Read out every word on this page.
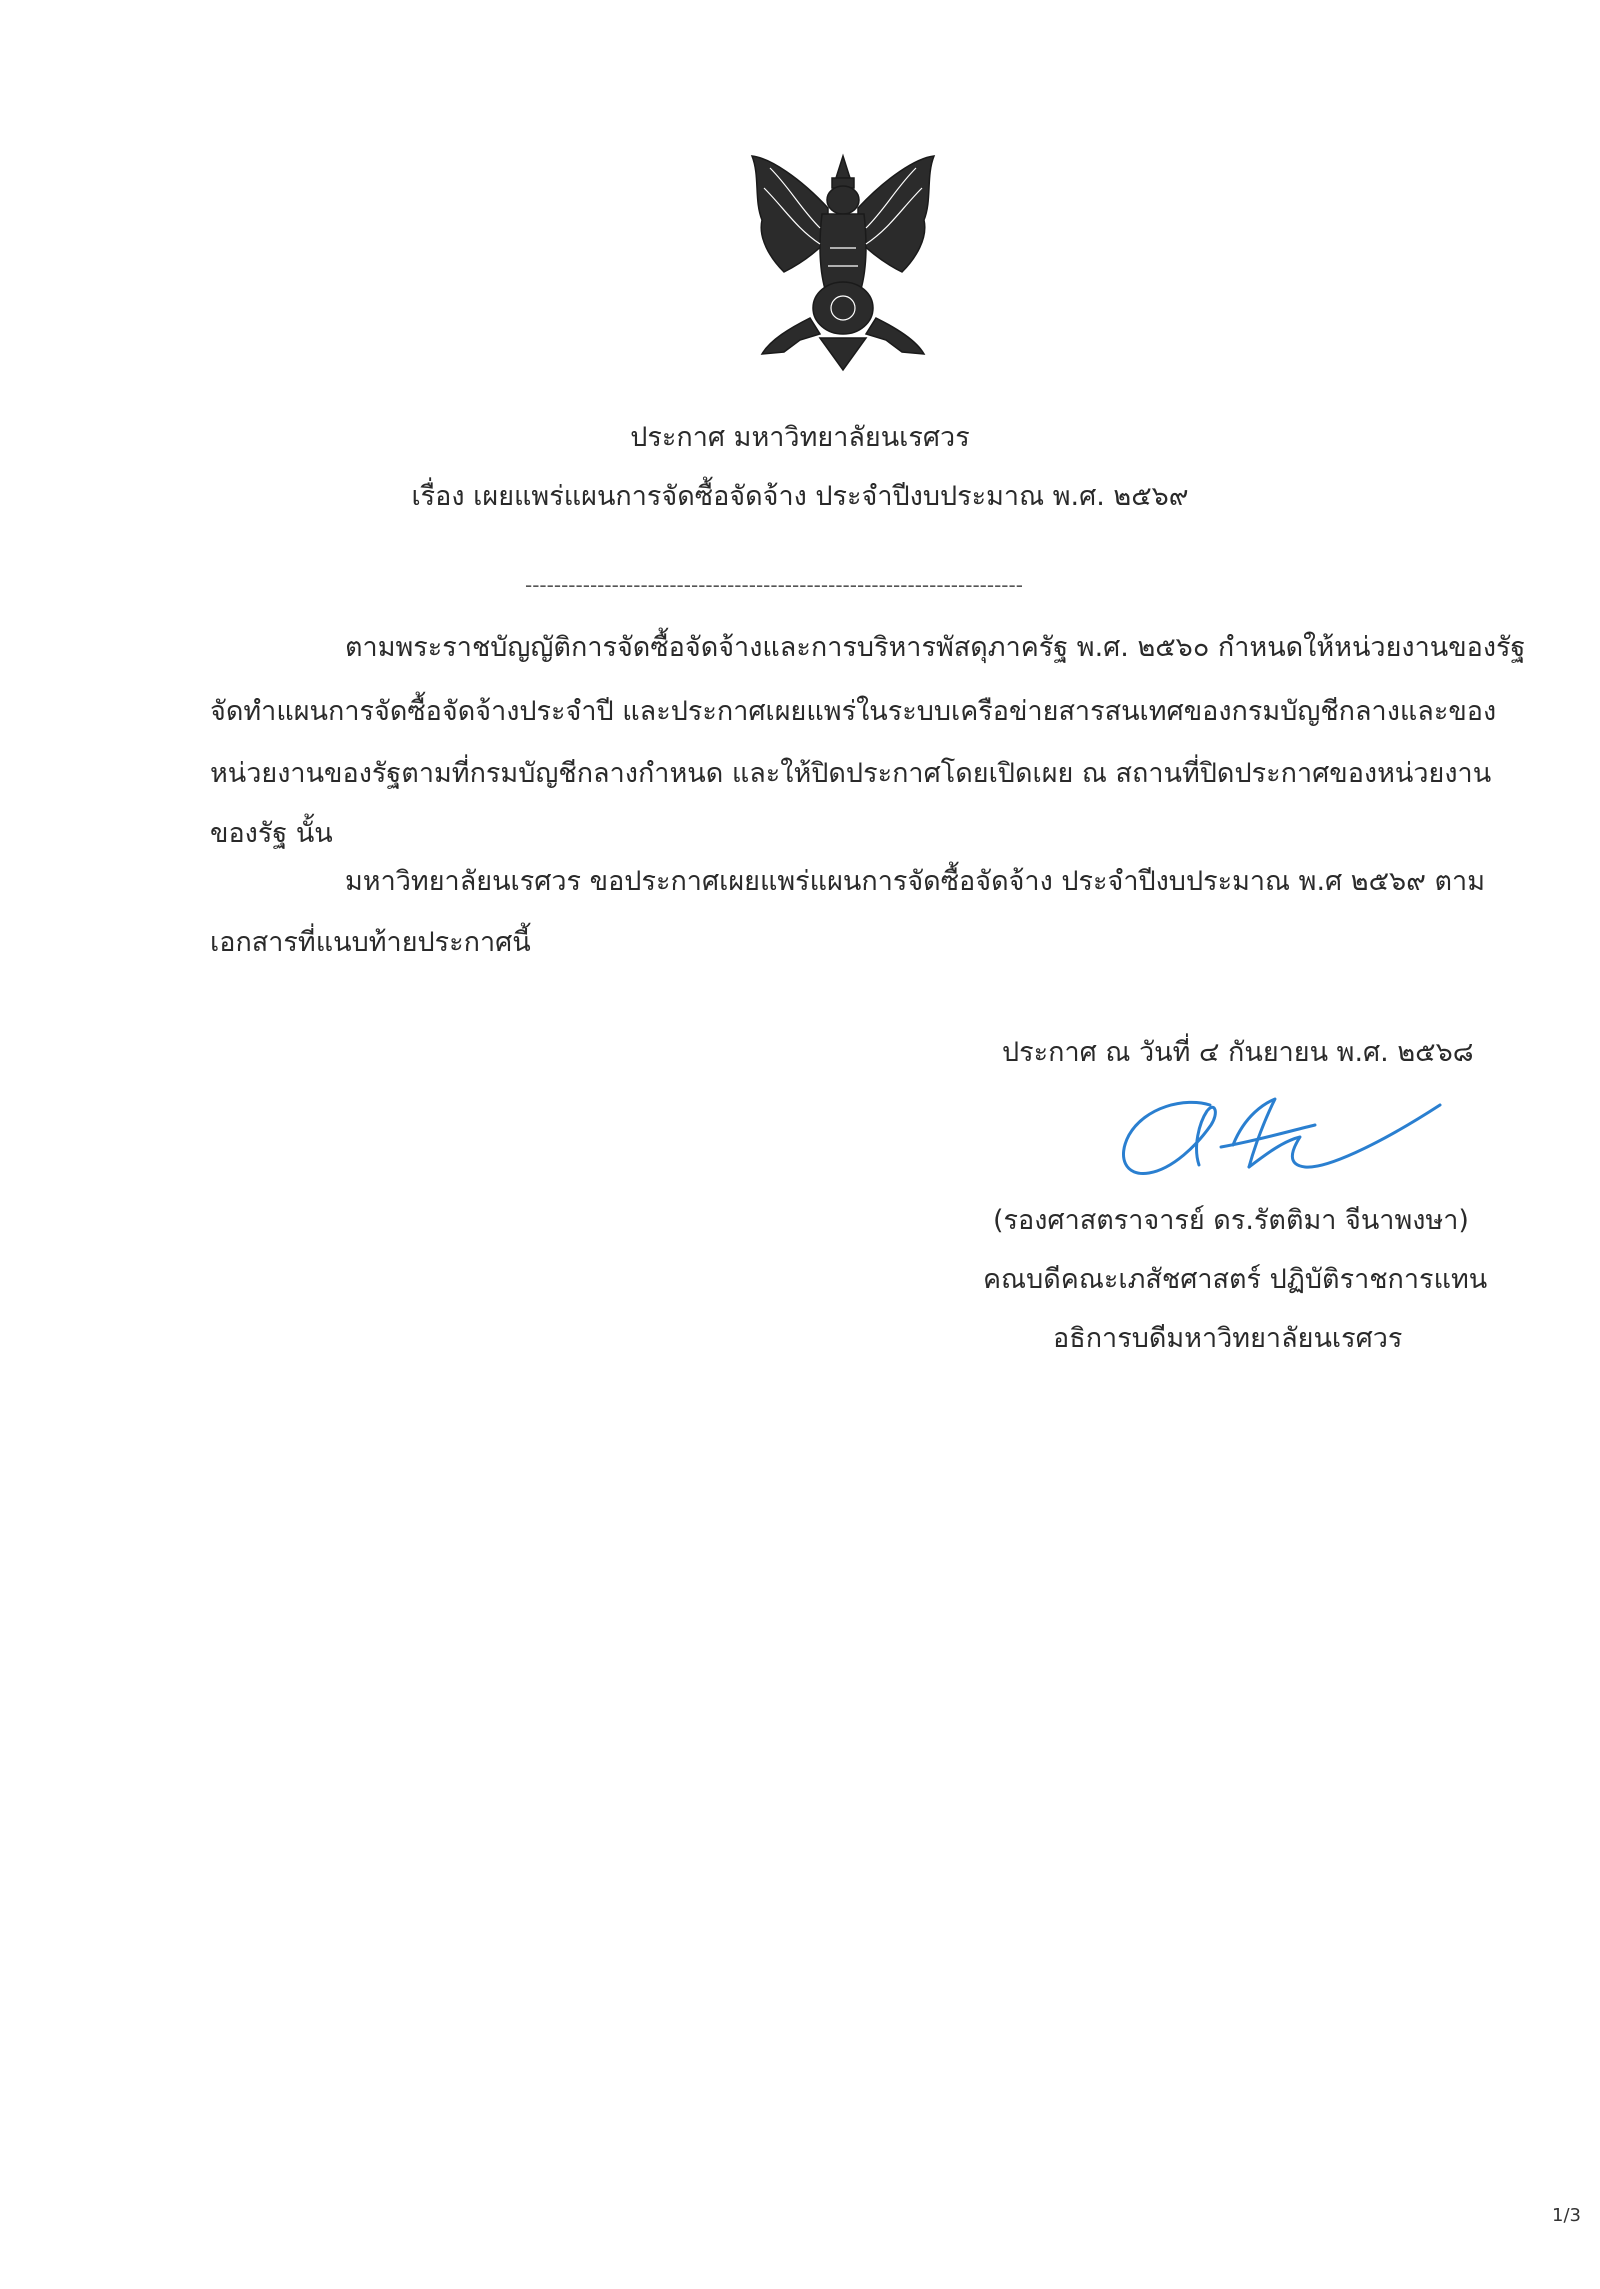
ประกาศ มหาวิทยาลัยนเรศวร
เรื่อง เผยแพร่แผนการจัดซื้อจัดจ้าง ประจำปีงบประมาณ พ.ศ. ๒๕๖๙
---------------------------------------------------------------------
ตามพระราชบัญญัติการจัดซื้อจัดจ้างและการบริหารพัสดุภาครัฐ พ.ศ. ๒๕๖๐ กำหนดให้หน่วยงานของรัฐ
จัดทำแผนการจัดซื้อจัดจ้างประจำปี และประกาศเผยแพร่ในระบบเครือข่ายสารสนเทศของกรมบัญชีกลางและของ
หน่วยงานของรัฐตามที่กรมบัญชีกลางกำหนด และให้ปิดประกาศโดยเปิดเผย ณ สถานที่ปิดประกาศของหน่วยงาน
ของรัฐ นั้น
มหาวิทยาลัยนเรศวร ขอประกาศเผยแพร่แผนการจัดซื้อจัดจ้าง ประจำปีงบประมาณ พ.ศ ๒๕๖๙ ตาม
เอกสารที่แนบท้ายประกาศนี้
ประกาศ ณ วันที่ ๔ กันยายน พ.ศ. ๒๕๖๘
(รองศาสตราจารย์ ดร.รัตติมา จีนาพงษา)
คณบดีคณะเภสัชศาสตร์ ปฏิบัติราชการแทน
อธิการบดีมหาวิทยาลัยนเรศวร
1/3
